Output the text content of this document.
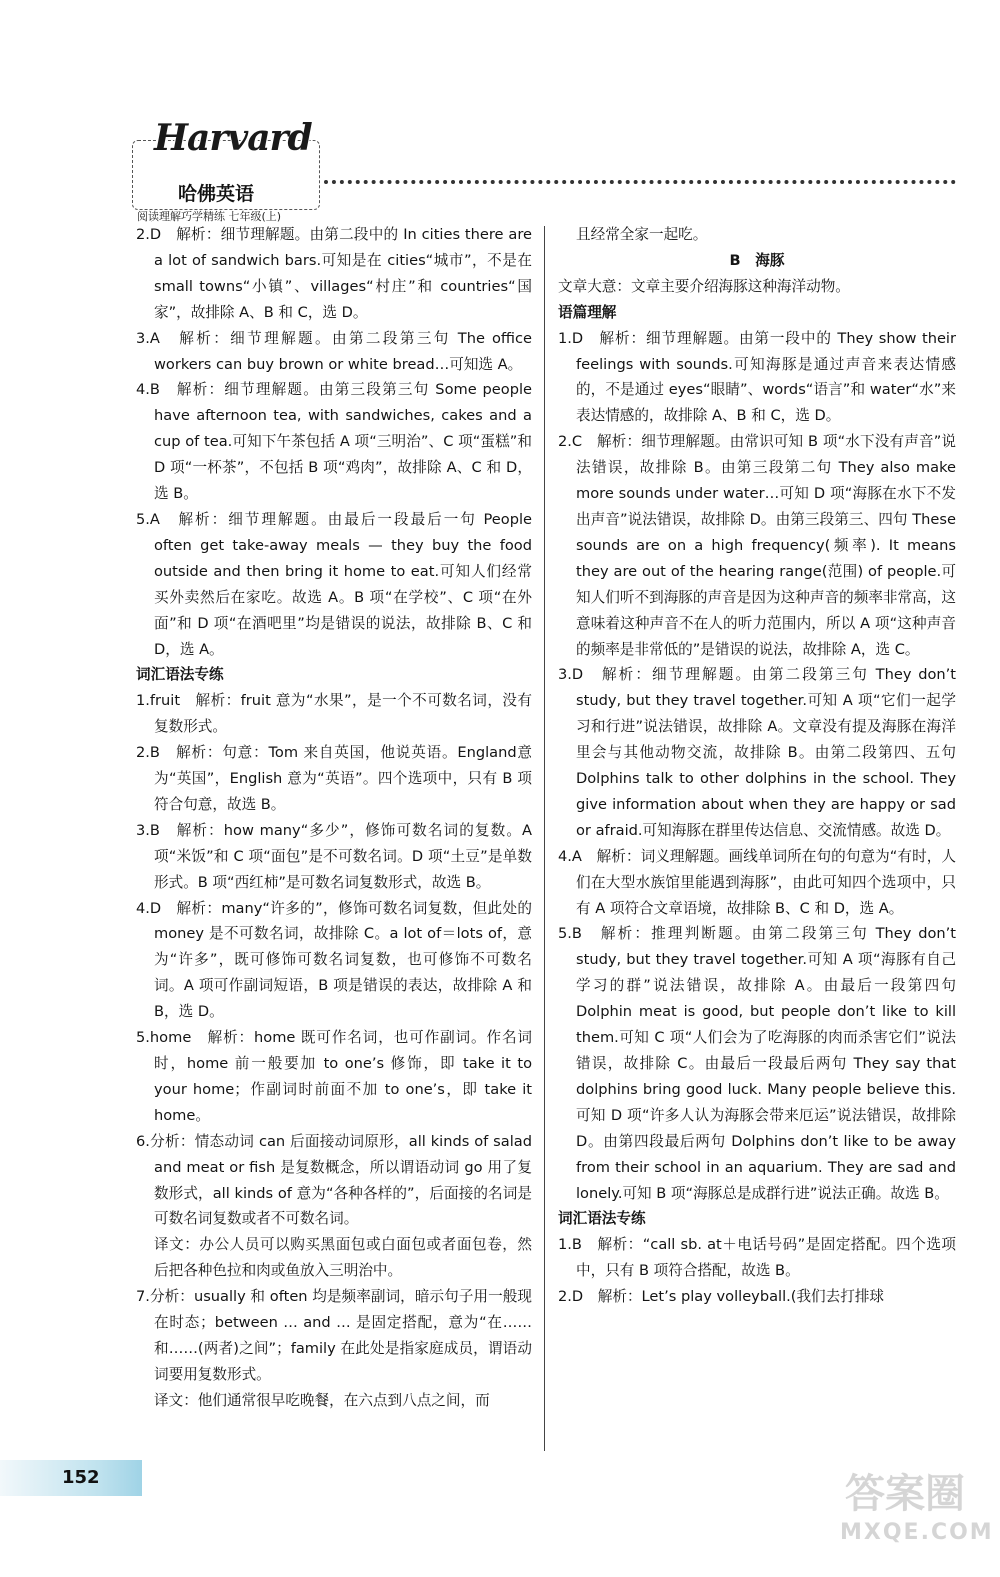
哈佛英语
阅读理解巧学精练 七年级(上)
Harvard

2.D　解析：细节理解题。由第二段中的 In cities there are a lot of sandwich bars.可知是在 cities“城市”，不是在 small towns“小镇”、villages“村庄”和 countries“国家”，故排除 A、B 和 C，选 D。

3.A　解析：细节理解题。由第二段第三句 The office workers can buy brown or white bread…可知选 A。

4.B　解析：细节理解题。由第三段第三句 Some people have afternoon tea, with sandwiches, cakes and a cup of tea.可知下午茶包括 A 项“三明治”、C 项“蛋糕”和 D 项“一杯茶”，不包括 B 项“鸡肉”，故排除 A、C 和 D，选 B。

5.A　解析：细节理解题。由最后一段最后一句 People often get take-away meals — they buy the food outside and then bring it home to eat.可知人们经常买外卖然后在家吃。故选 A。B 项“在学校”、C 项“在外面”和 D 项“在酒吧里”均是错误的说法，故排除 B、C 和 D，选 A。

词汇语法专练

1.fruit　解析：fruit 意为“水果”，是一个不可数名词，没有复数形式。

2.B　解析：句意：Tom 来自英国，他说英语。England意为“英国”，English 意为“英语”。四个选项中，只有 B 项符合句意，故选 B。

3.B　解析：how many“多少”，修饰可数名词的复数。A 项“米饭”和 C 项“面包”是不可数名词。D 项“土豆”是单数形式。B 项“西红柿”是可数名词复数形式，故选 B。

4.D　解析：many“许多的”，修饰可数名词复数，但此处的 money 是不可数名词，故排除 C。a lot of＝lots of，意为“许多”，既可修饰可数名词复数，也可修饰不可数名词。A 项可作副词短语，B 项是错误的表达，故排除 A 和 B，选 D。

5.home　解析：home 既可作名词，也可作副词。作名词时，home 前一般要加 to one’s 修饰，即 take it to your home；作副词时前面不加 to one’s，即 take it home。

6.分析：情态动词 can 后面接动词原形，all kinds of salad and meat or fish 是复数概念，所以谓语动词 go 用了复数形式，all kinds of 意为“各种各样的”，后面接的名词是可数名词复数或者不可数名词。

译文：办公人员可以购买黑面包或白面包或者面包卷，然后把各种色拉和肉或鱼放入三明治中。

7.分析：usually 和 often 均是频率副词，暗示句子用一般现在时态；between … and … 是固定搭配，意为“在……和……(两者)之间”；family 在此处是指家庭成员，谓语动词要用复数形式。

译文：他们通常很早吃晚餐，在六点到八点之间，而

且经常全家一起吃。

B　海豚

文章大意：文章主要介绍海豚这种海洋动物。

语篇理解

1.D　解析：细节理解题。由第一段中的 They show their feelings with sounds.可知海豚是通过声音来表达情感的，不是通过 eyes“眼睛”、words“语言”和 water“水”来表达情感的，故排除 A、B 和 C，选 D。

2.C　解析：细节理解题。由常识可知 B 项“水下没有声音”说法错误，故排除 B。由第三段第二句 They also make more sounds under water…可知 D 项“海豚在水下不发出声音”说法错误，故排除 D。由第三段第三、四句 These sounds are on a high frequency(频率). It means they are out of the hearing range(范围) of people.可知人们听不到海豚的声音是因为这种声音的频率非常高，这意味着这种声音不在人的听力范围内，所以 A 项“这种声音的频率是非常低的”是错误的说法，故排除 A，选 C。

3.D　解析：细节理解题。由第二段第三句 They don’t study, but they travel together.可知 A 项“它们一起学习和行进”说法错误，故排除 A。文章没有提及海豚在海洋里会与其他动物交流，故排除 B。由第二段第四、五句 Dolphins talk to other dolphins in the school. They give information about when they are happy or sad or afraid.可知海豚在群里传达信息、交流情感。故选 D。

4.A　解析：词义理解题。画线单词所在句的句意为“有时，人们在大型水族馆里能遇到海豚”，由此可知四个选项中，只有 A 项符合文章语境，故排除 B、C 和 D，选 A。

5.B　解析：推理判断题。由第二段第三句 They don’t study, but they travel together.可知 A 项“海豚有自己学习的群”说法错误，故排除 A。由最后一段第四句 Dolphin meat is good, but people don’t like to kill them.可知 C 项“人们会为了吃海豚的肉而杀害它们”说法错误，故排除 C。由最后一段最后两句 They say that dolphins bring good luck. Many people believe this.可知 D 项“许多人认为海豚会带来厄运”说法错误，故排除 D。由第四段最后两句 Dolphins don’t like to be away from their school in an aquarium. They are sad and lonely.可知 B 项“海豚总是成群行进”说法正确。故选 B。

词汇语法专练

1.B　解析：“call sb. at＋电话号码”是固定搭配。四个选项中，只有 B 项符合搭配，故选 B。

2.D　解析：Let’s play volleyball.(我们去打排球

152	答案圈
MXQE.COM
